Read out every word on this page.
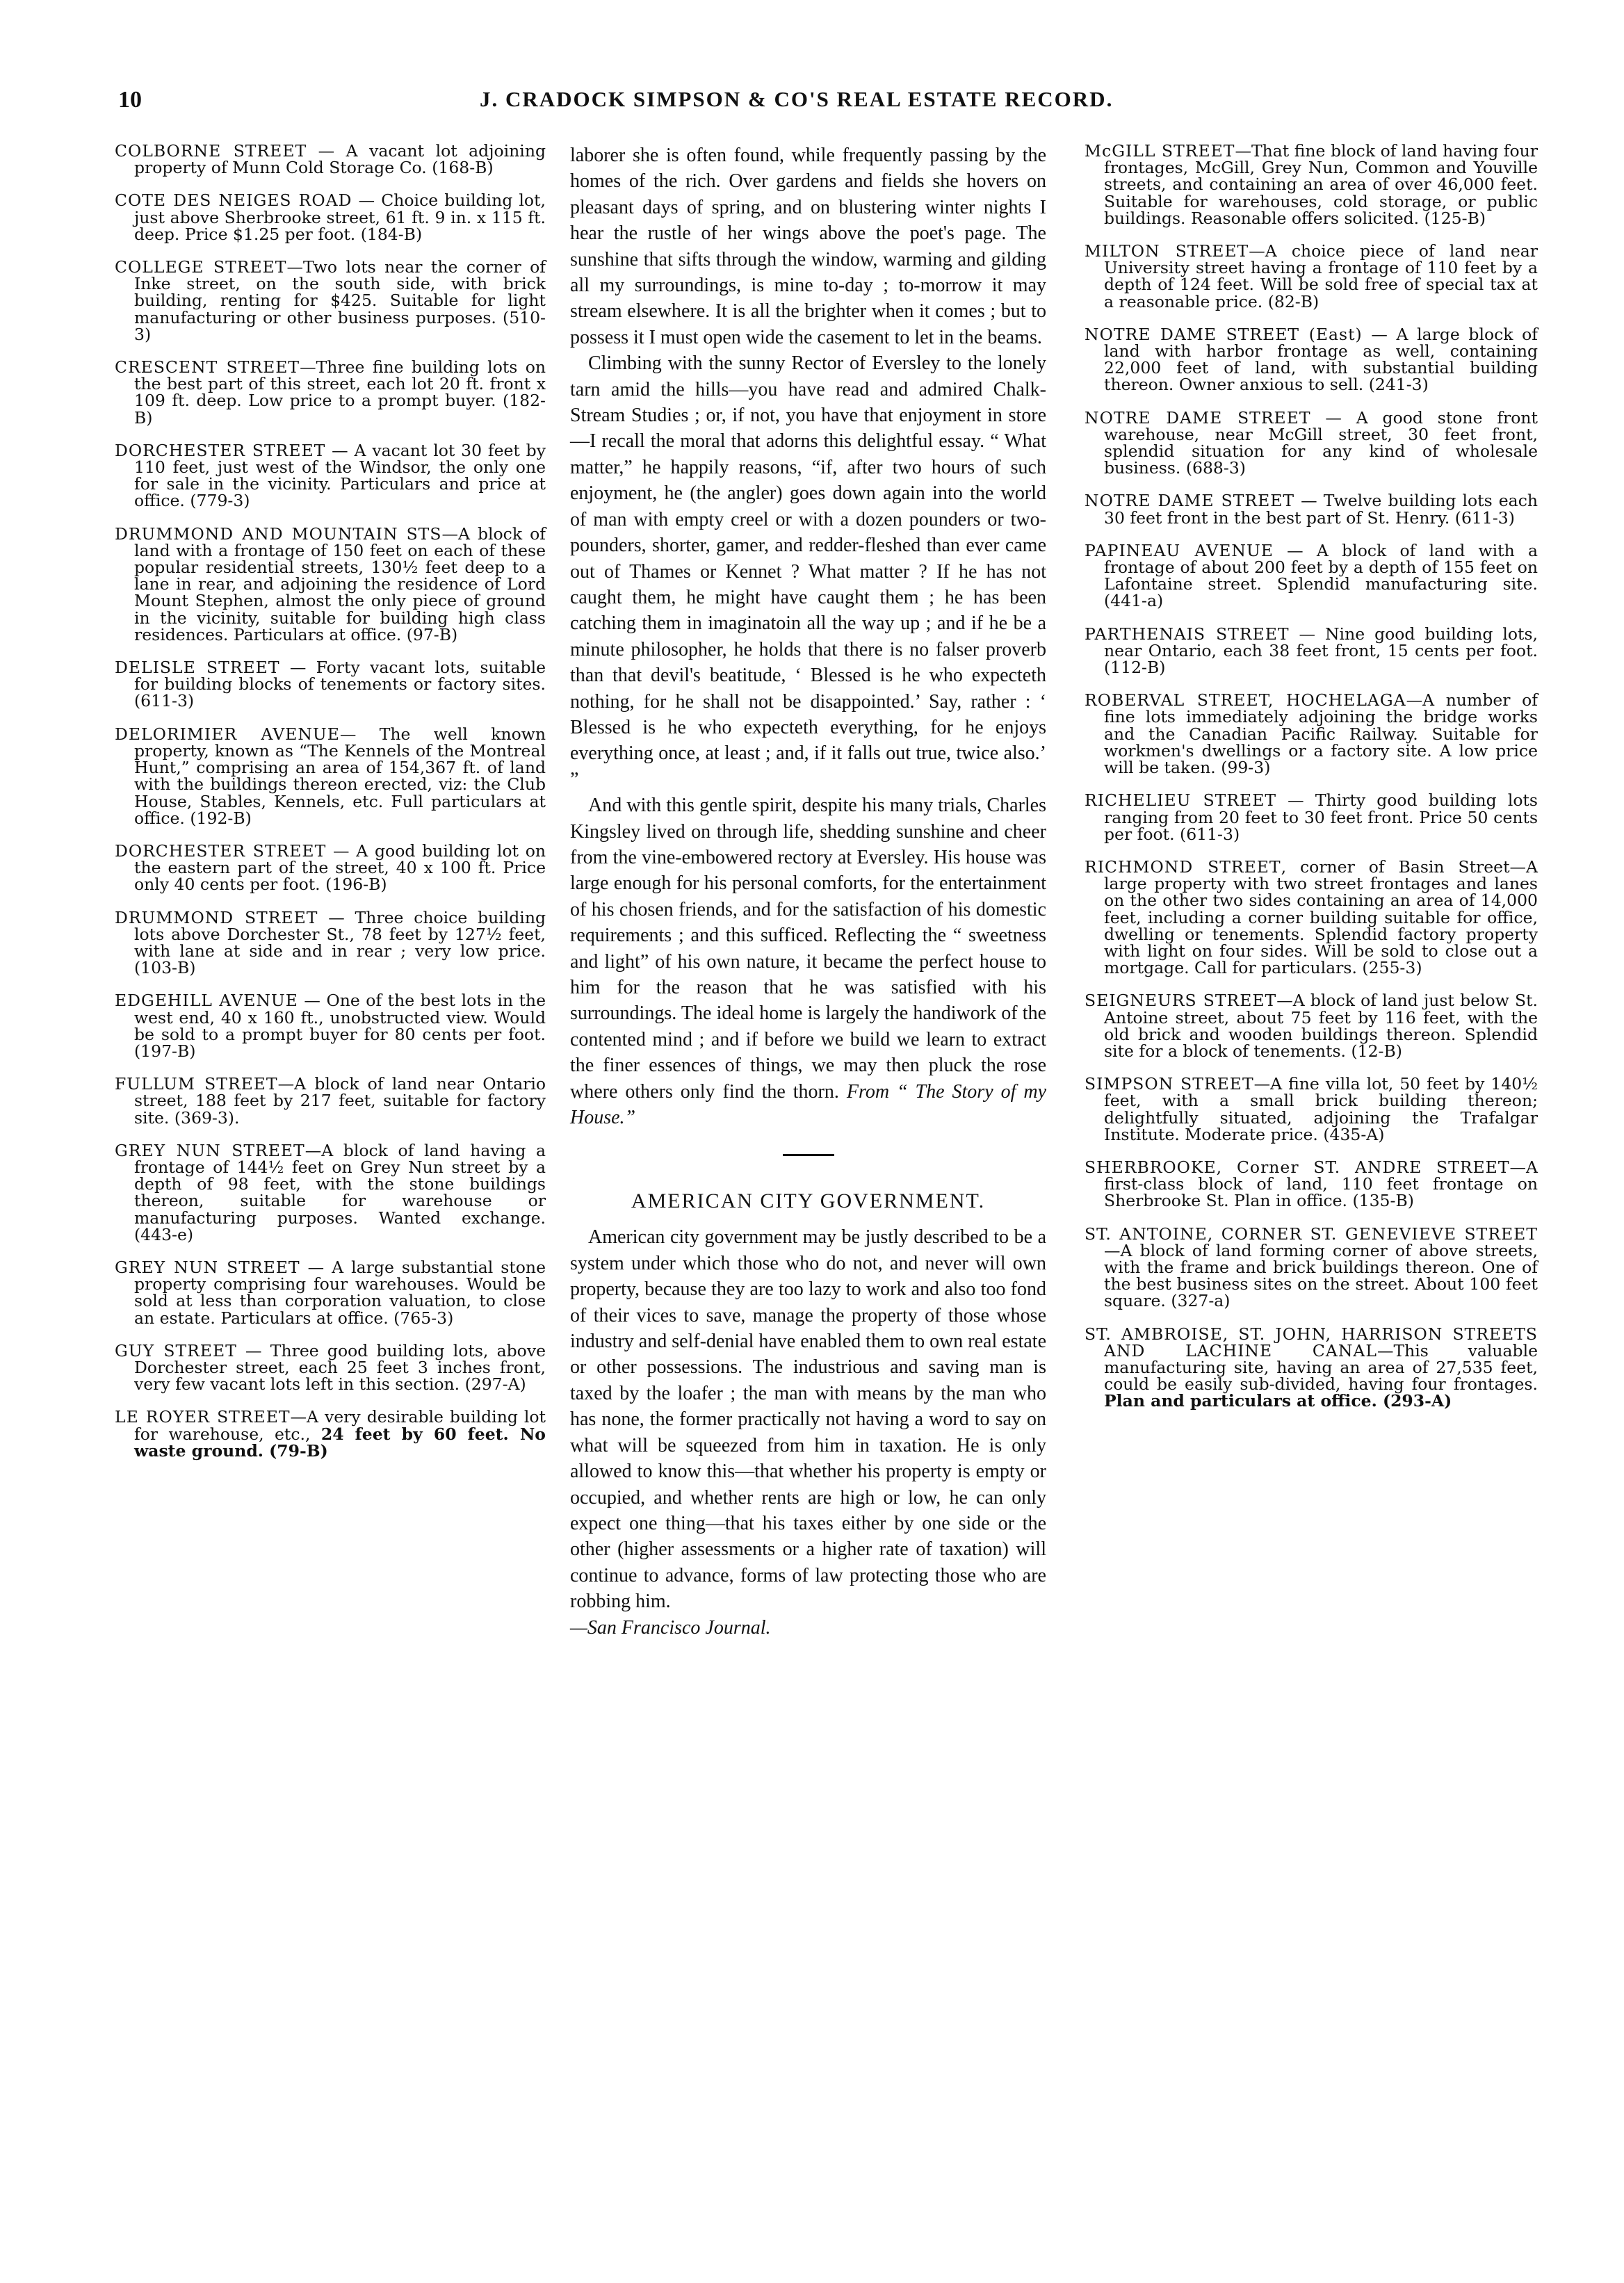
10	J. CRADOCK SIMPSON & CO'S REAL ESTATE RECORD.

COLBORNE STREET — A vacant lot adjoining property of Munn Cold Storage Co. (168-B)

COTE DES NEIGES ROAD — Choice building lot, just above Sherbrooke street, 61 ft. 9 in. x 115 ft. deep. Price $1.25 per foot. (184-B)

COLLEGE STREET—Two lots near the corner of Inke street, on the south side, with brick building, renting for $425. Suitable for light manufacturing or other business purposes. (510-3)

CRESCENT STREET—Three fine building lots on the best part of this street, each lot 20 ft. front x 109 ft. deep. Low price to a prompt buyer. (182-B)

DORCHESTER STREET — A vacant lot 30 feet by 110 feet, just west of the Windsor, the only one for sale in the vicinity. Particulars and price at office. (779-3)

DRUMMOND AND MOUNTAIN STS—A block of land with a frontage of 150 feet on each of these popular residential streets, 130½ feet deep to a lane in rear, and adjoining the residence of Lord Mount Stephen, almost the only piece of ground in the vicinity, suitable for building high class residences. Particulars at office. (97-B)

DELISLE STREET — Forty vacant lots, suitable for building blocks of tenements or factory sites. (611-3)

DELORIMIER AVENUE— The well known property, known as “The Kennels of the Montreal Hunt,” comprising an area of 154,367 ft. of land with the buildings thereon erected, viz: the Club House, Stables, Kennels, etc. Full particulars at office. (192-B)

DORCHESTER STREET — A good building lot on the eastern part of the street, 40 x 100 ft. Price only 40 cents per foot. (196-B)

DRUMMOND STREET — Three choice building lots above Dorchester St., 78 feet by 127½ feet, with lane at side and in rear ; very low price. (103-B)

EDGEHILL AVENUE — One of the best lots in the west end, 40 x 160 ft., unobstructed view. Would be sold to a prompt buyer for 80 cents per foot. (197-B)

FULLUM STREET—A block of land near Ontario street, 188 feet by 217 feet, suitable for factory site. (369-3).

GREY NUN STREET—A block of land having a frontage of 144½ feet on Grey Nun street by a depth of 98 feet, with the stone buildings thereon, suitable for warehouse or manufacturing purposes. Wanted exchange. (443-e)

GREY NUN STREET — A large substantial stone property comprising four warehouses. Would be sold at less than corporation valuation, to close an estate. Particulars at office. (765-3)

GUY STREET — Three good building lots, above Dorchester street, each 25 feet 3 inches front, very few vacant lots left in this section. (297-A)

LE ROYER STREET—A very desirable building lot for warehouse, etc., 24 feet by 60 feet. No waste ground. (79-B)

laborer she is often found, while frequently passing by the homes of the rich. Over gardens and fields she hovers on pleasant days of spring, and on blustering winter nights I hear the rustle of her wings above the poet's page. The sunshine that sifts through the window, warming and gilding all my surroundings, is mine to-day ; to-morrow it may stream elsewhere. It is all the brighter when it comes ; but to possess it I must open wide the casement to let in the beams.

Climbing with the sunny Rector of Eversley to the lonely tarn amid the hills—you have read and admired Chalk-Stream Studies ; or, if not, you have that enjoyment in store—I recall the moral that adorns this delightful essay. “ What matter,” he happily reasons, “if, after two hours of such enjoyment, he (the angler) goes down again into the world of man with empty creel or with a dozen pounders or two-pounders, shorter, gamer, and redder-fleshed than ever came out of Thames or Kennet ? What matter ? If he has not caught them, he might have caught them ; he has been catching them in imaginatoin all the way up ; and if he be a minute philosopher, he holds that there is no falser proverb than that devil's beatitude, ‘ Blessed is he who expecteth nothing, for he shall not be disappointed.’ Say, rather : ‘ Blessed is he who expecteth everything, for he enjoys everything once, at least ; and, if it falls out true, twice also.’ ”

And with this gentle spirit, despite his many trials, Charles Kingsley lived on through life, shedding sunshine and cheer from the vine-embowered rectory at Eversley. His house was large enough for his personal comforts, for the entertainment of his chosen friends, and for the satisfaction of his domestic requirements ; and this sufficed. Reflecting the “ sweetness and light” of his own nature, it became the perfect house to him for the reason that he was satisfied with his surroundings. The ideal home is largely the handiwork of the contented mind ; and if before we build we learn to extract the finer essences of things, we may then pluck the rose where others only find the thorn. From “ The Story of my House.”

AMERICAN CITY GOVERNMENT.

American city government may be justly described to be a system under which those who do not, and never will own property, because they are too lazy to work and also too fond of their vices to save, manage the property of those whose industry and self-denial have enabled them to own real estate or other possessions. The industrious and saving man is taxed by the loafer ; the man with means by the man who has none, the former practically not having a word to say on what will be squeezed from him in taxation. He is only allowed to know this—that whether his property is empty or occupied, and whether rents are high or low, he can only expect one thing—that his taxes either by one side or the other (higher assessments or a higher rate of taxation) will continue to advance, forms of law protecting those who are robbing him.
—San Francisco Journal.

McGILL STREET—That fine block of land having four frontages, McGill, Grey Nun, Common and Youville streets, and containing an area of over 46,000 feet. Suitable for warehouses, cold storage, or public buildings. Reasonable offers solicited. (125-B)

MILTON STREET—A choice piece of land near University street having a frontage of 110 feet by a depth of 124 feet. Will be sold free of special tax at a reasonable price. (82-B)

NOTRE DAME STREET (East) — A large block of land with harbor frontage as well, containing 22,000 feet of land, with substantial building thereon. Owner anxious to sell. (241-3)

NOTRE DAME STREET — A good stone front warehouse, near McGill street, 30 feet front, splendid situation for any kind of wholesale business. (688-3)

NOTRE DAME STREET — Twelve building lots each 30 feet front in the best part of St. Henry. (611-3)

PAPINEAU AVENUE — A block of land with a frontage of about 200 feet by a depth of 155 feet on Lafontaine street. Splendid manufacturing site. (441-a)

PARTHENAIS STREET — Nine good building lots, near Ontario, each 38 feet front, 15 cents per foot. (112-B)

ROBERVAL STREET, HOCHELAGA—A number of fine lots immediately adjoining the bridge works and the Canadian Pacific Railway. Suitable for workmen's dwellings or a factory site. A low price will be taken. (99-3)

RICHELIEU STREET — Thirty good building lots ranging from 20 feet to 30 feet front. Price 50 cents per foot. (611-3)

RICHMOND STREET, corner of Basin Street—A large property with two street frontages and lanes on the other two sides containing an area of 14,000 feet, including a corner building suitable for office, dwelling or tenements. Splendid factory property with light on four sides. Will be sold to close out a mortgage. Call for particulars. (255-3)

SEIGNEURS STREET—A block of land just below St. Antoine street, about 75 feet by 116 feet, with the old brick and wooden buildings thereon. Splendid site for a block of tenements. (12-B)

SIMPSON STREET—A fine villa lot, 50 feet by 140½ feet, with a small brick building thereon; delightfully situated, adjoining the Trafalgar Institute. Moderate price. (435-A)

SHERBROOKE, Corner ST. ANDRE STREET—A first-class block of land, 110 feet frontage on Sherbrooke St. Plan in office. (135-B)

ST. ANTOINE, CORNER ST. GENEVIEVE STREET—A block of land forming corner of above streets, with the frame and brick buildings thereon. One of the best business sites on the street. About 100 feet square. (327-a)

ST. AMBROISE, ST. JOHN, HARRISON STREETS AND LACHINE CANAL—This valuable manufacturing site, having an area of 27,535 feet, could be easily sub-divided, having four frontages. Plan and particulars at office. (293-A)
